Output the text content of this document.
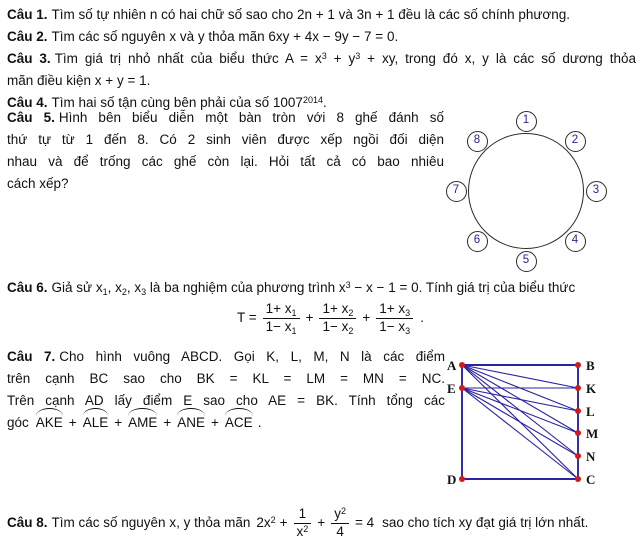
Câu 1. Tìm số tự nhiên n có hai chữ số sao cho 2n + 1 và 3n + 1 đều là các số chính phương.
Câu 2. Tìm các số nguyên x và y thỏa mãn 6xy + 4x − 9y − 7 = 0.
Câu 3. Tìm giá trị nhỏ nhất của biểu thức $A = x^3 + y^3$ + xy, trong đó x, y là các số dương thỏa
mãn điều kiện x + y = 1.
Câu 4. Tìm hai số tận cùng bên phải của số $1007^{2014}$.
Câu 5. Hình bên biểu diễn một bàn tròn với 8 ghế đánh số
thứ tự từ 1 đến 8. Có 2 sinh viên được xếp ngồi đối diện
nhau và để trống các ghế còn lại. Hỏi tất cả có bao nhiêu
cách xếp?
1
2
3
4
5
6
7
8
Câu 6. Giả sử $x_1$, $x_2$, $x_3$ là ba nghiệm của phương trình $x^3 - x - 1 = 0$. Tính giá trị của biểu thức
$T = \frac{1+ x_1}{1- x_1} + \frac{1+ x_2}{1- x_2} + \frac{1+ x_3}{1- x_3}$ .
Câu 7. Cho hình vuông ABCD. Gọi K, L, M, N là các điểm
trên cạnh BC sao cho BK = KL = LM = MN = NC.
Trên cạnh AD lấy điểm E sao cho AE = BK. Tính tổng các
góc AKE + ALE + AME + ANE + ACE .
A	B
E	K
L
M
N
D	C
Câu 8. Tìm các số nguyên x, y thỏa mãn $2x^2 + \frac{1}{x^2} + \frac{y^2}{4} = 4$ sao cho tích xy đạt giá trị lớn nhất.
